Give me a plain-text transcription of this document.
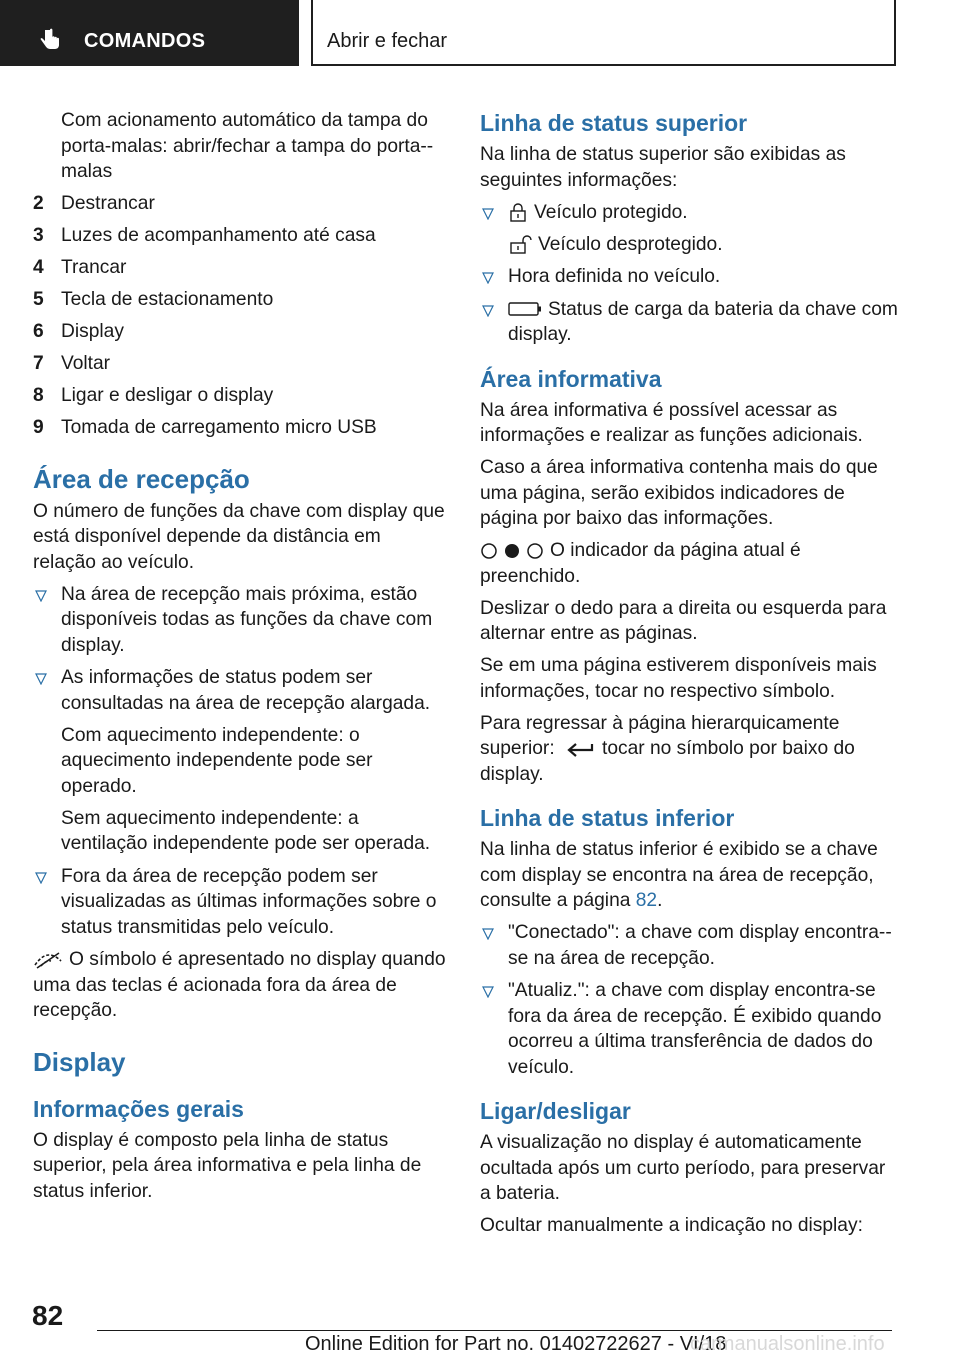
COMANDOS	Abrir e fechar

Com acionamento automático da tampa do porta-malas: abrir/fechar a tampa do porta--malas

2 Destrancar
3 Luzes de acompanhamento até casa
4 Trancar
5 Tecla de estacionamento
6 Display
7 Voltar
8 Ligar e desligar o display
9 Tomada de carregamento micro USB
Área de recepção

O número de funções da chave com display que está disponível depende da distância em relação ao veículo.

Na área de recepção mais próxima, estão disponíveis todas as funções da chave com display.

As informações de status podem ser consultadas na área de recepção alargada.

Com aquecimento independente: o aquecimento independente pode ser operado.

Sem aquecimento independente: a ventilação independente pode ser operada.

Fora da área de recepção podem ser visualizadas as últimas informações sobre o status transmitidas pelo veículo.

O símbolo é apresentado no display quando uma das teclas é acionada fora da área de recepção.

Display
Informações gerais

O display é composto pela linha de status superior, pela área informativa e pela linha de status inferior.

Linha de status superior

Na linha de status superior são exibidas as seguintes informações:

Veículo protegido.

Veículo desprotegido.

Hora definida no veículo.

Status de carga da bateria da chave com display.

Área informativa

Na área informativa é possível acessar as informações e realizar as funções adicionais.

Caso a área informativa contenha mais do que uma página, serão exibidos indicadores de página por baixo das informações.

O indicador da página atual é preenchido.

Deslizar o dedo para a direita ou esquerda para alternar entre as páginas.

Se em uma página estiverem disponíveis mais informações, tocar no respectivo símbolo.

Para regressar à página hierarquicamente superior: tocar no símbolo por baixo do display.

Linha de status inferior

Na linha de status inferior é exibido se a chave com display se encontra na área de recepção, consulte a página 82.

"Conectado": a chave com display encontra--se na área de recepção.

"Atualiz.": a chave com display encontra-se fora da área de recepção. É exibido quando ocorreu a última transferência de dados do veículo.

Ligar/desligar

A visualização no display é automaticamente ocultada após um curto período, para preservar a bateria.

Ocultar manualmente a indicação no display:

82
Online Edition for Part no. 01402722627 - VI/18
carmanualsonline.info
